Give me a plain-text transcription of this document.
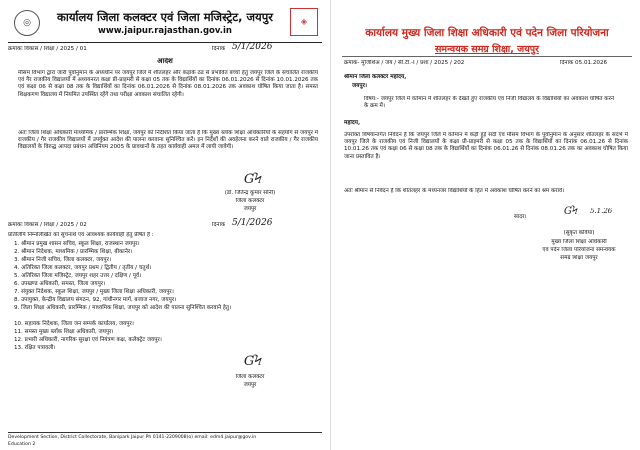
◎	कार्यालय जिला कलक्टर एवं जिला मजिस्ट्रेट, जयपुर
www.jaipur.rajasthan.gov.in
◈
क्रमांकः विकास / शिक्षा / 2025 / 01	दिनांक 5/1/2026
आदेश
मौसम विभाग द्वारा जारी पूर्वानुमान के अध्यधीन पर जयपुर जिले में शीतलहर और कड़ाके ठंड से प्रभावित बच्चों हेतु जयपुर जिले के संचालित राजकीय एवं गैर राजकीय विद्यालयों में अध्ययनरत कक्षा प्री-प्राइमरी से कक्षा 05 तक के विद्यार्थियों का दिनांक 06.01.2026 से दिनांक 10.01.2026 तक एवं कक्षा 06 से कक्षा 08 तक के विद्यार्थियों का दिनांक 06.01.2026 से दिनांक 08.01.2026 तक अवकाश घोषित किया जाता है। समस्त शिक्षकगण विद्यालय में नियमित उपस्थित रहेंगे तथा परीक्षा अवकाश संचालित रहेगी।
अतः जिला शिक्षा अधिकारी माध्यमिक / प्रारम्भिक शिक्षा, जयपुर को निर्देशित किया जाता है कि मुख्य ब्लॉक शिक्षा अधिकारियों के सहयोग से जयपुर में राजकीय / गैर राजकीय विद्यालयों में उपर्युक्त आदेश की पालना करवाना सुनिश्चित करें। इन निर्देशों की अवहेलना करने वाले राजकीय / गैर राजकीय विद्यालयों के विरुद्ध आपदा प्रबंधन अधिनियम 2005 के प्रावधानों के तहत कार्यवाही अमल में लायी जावेगी।
ƓϞ
(डॉ. जितेन्द्र कुमार सोनी)
जिला कलक्टर
जयपुर
क्रमांकः विकास / शिक्षा / 2025 / 02	दिनांक 5/1/2026
प्रतिलिपि निम्नलिखित को सूचनार्थ एवं आवश्यक कार्यवाही हेतु प्रेषित है :
1. श्रीमान प्रमुख शासन सचिव, स्कूल शिक्षा, राजस्थान जयपुर।
2. श्रीमान निदेशक, माध्यमिक / प्रारम्भिक शिक्षा, बीकानेर।
3. श्रीमान निजी सचिव, जिला कलक्टर, जयपुर।
4. अतिरिक्त जिला कलक्टर, जयपुर प्रथम / द्वितीय / तृतीय / चतुर्थ।
5. अतिरिक्त जिला मजिस्ट्रेट, जयपुर शहर उत्तर / दक्षिण / पूर्व।
6. उपखण्ड अधिकारी, समस्त, जिला जयपुर।
7. संयुक्त निदेशक, स्कूल शिक्षा, जयपुर / मुख्य जिला शिक्षा अधिकारी, जयपुर।
8. उपायुक्त, केन्द्रीय विद्यालय संगठन, 92, गांधीनगर मार्ग, बजाज नगर, जयपुर।
9. जिला शिक्षा अधिकारी, प्रारम्भिक / माध्यमिक शिक्षा, जयपुर को आदेश की पालना सुनिश्चित करवाने हेतु।
10. सहायक निदेशक, जिला जन सम्पर्क कार्यालय, जयपुर।
11. समस्त मुख्य ब्लॉक शिक्षा अधिकारी, जयपुर।
12. प्रभारी अधिकारी, नागरिक सुरक्षा एवं नियंत्रण कक्ष, कलेक्ट्रेट जयपुर।
13. रक्षित पत्रावली।
ƓϞ
जिला कलक्टर
जयपुर
Development Section, District Collectorate, Banipark Jaipur Ph 0141-2209008(o) email: edm4.jaipur@gov.in
Education 2
कार्यालय मुख्य जिला शिक्षा अधिकारी एवं पदेन जिला परियोजना
समन्वयक समग्र शिक्षा, जयपुर
क्रमांक- मुजिशिअ / जय / सी.टी.-I / प्रशा / 2025 / 202	दिनांक 05.01.2026
श्रीमान जिला कलक्टर महोदय,
जयपुर।
विषय:- जयपुर जिले में वर्तमान में शीतलहर के देखते हुए राजकीय एवं निजी विद्यालय के विद्यार्थियों का अवकाश घोषित करने के क्रम में।
महोदय,
उपरोक्त विषयान्तर्गत निवेदन है कि जयपुर जिले में वर्तमान में कड़ी हुई सर्दी एवं मौसम विभाग के पूर्वानुमान के अनुसार शीतलहर के संदर्भ में जयपुर जिले के राजकीय एवं निजी विद्यालयों के कक्षा प्री-प्राइमरी से कक्षा 05 तक के विद्यार्थियों का दिनांक 06.01.26 से दिनांक 10.01.26 तक एवं कक्षा 06 से कक्षा 08 तक के विद्यार्थियों का दिनांक 06.01.26 से दिनांक 08.01.26 तक का अवकाश घोषित किया जाना प्रस्तावित है।
अतः श्रीमान से निवेदन है कि शीतलहर के मध्यनजर विद्यार्थियों के हित में अवकाश घोषित करने का श्रम करावें।
सादर।	ƓϞ 5.1.26
(सुकृत कविया)
मुख्य जिला शिक्षा अधिकारी
एवं पदेन जिला परियोजना समन्वयक
समग्र शिक्षा जयपुर
